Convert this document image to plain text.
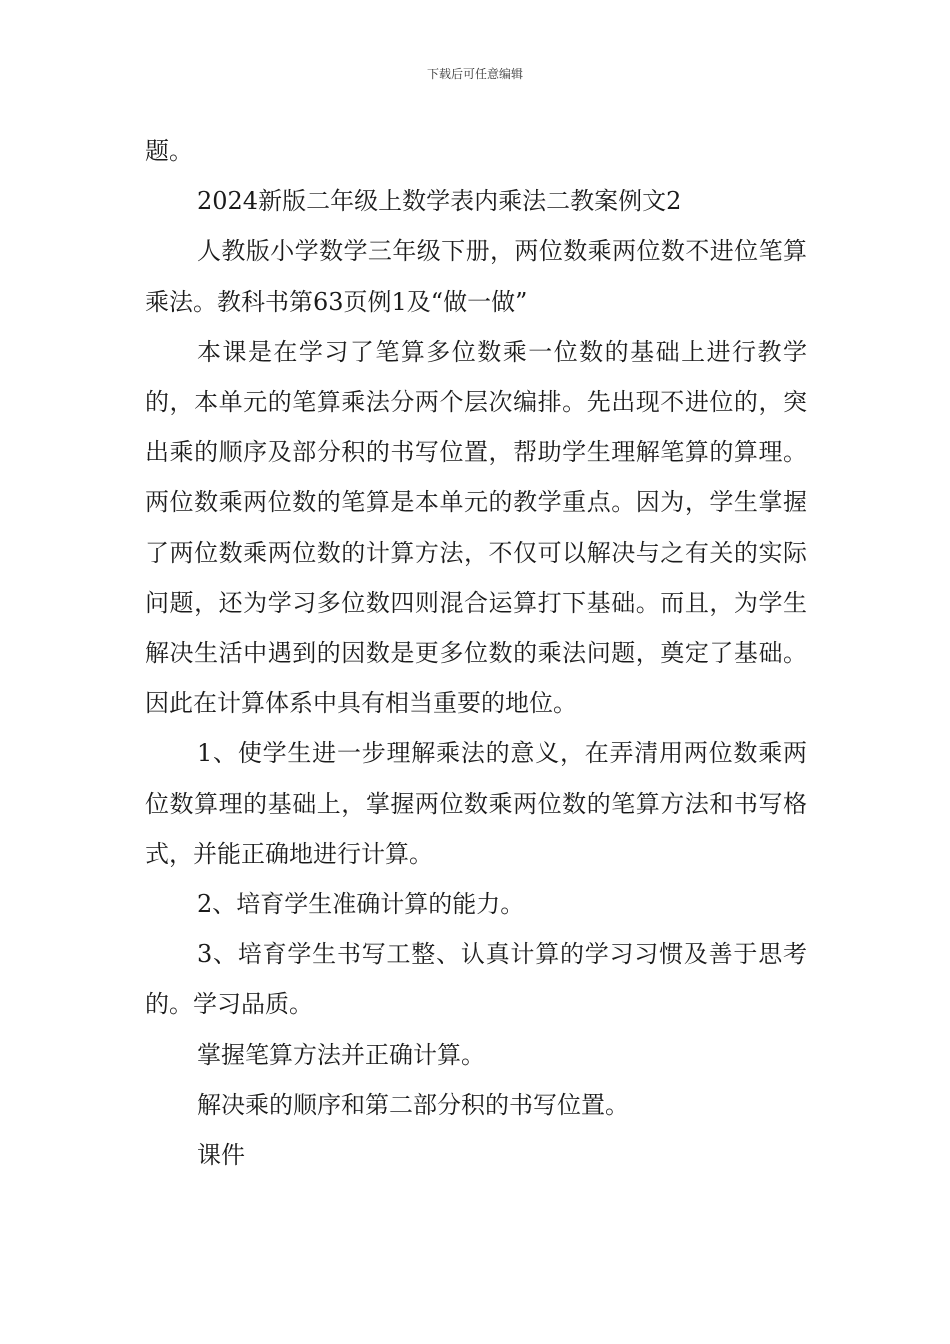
下载后可任意编辑

题。

2024新版二年级上数学表内乘法二教案例文2

人教版小学数学三年级下册，两位数乘两位数不进位笔算乘法。教科书第63页例1及“做一做”

本课是在学习了笔算多位数乘一位数的基础上进行教学的，本单元的笔算乘法分两个层次编排。先出现不进位的，突出乘的顺序及部分积的书写位置，帮助学生理解笔算的算理。两位数乘两位数的笔算是本单元的教学重点。因为，学生掌握了两位数乘两位数的计算方法，不仅可以解决与之有关的实际问题，还为学习多位数四则混合运算打下基础。而且，为学生解决生活中遇到的因数是更多位数的乘法问题，奠定了基础。因此在计算体系中具有相当重要的地位。

1、使学生进一步理解乘法的意义，在弄清用两位数乘两位数算理的基础上，掌握两位数乘两位数的笔算方法和书写格式，并能正确地进行计算。

2、培育学生准确计算的能力。

3、培育学生书写工整、认真计算的学习习惯及善于思考的。学习品质。

掌握笔算方法并正确计算。

解决乘的顺序和第二部分积的书写位置。

课件
